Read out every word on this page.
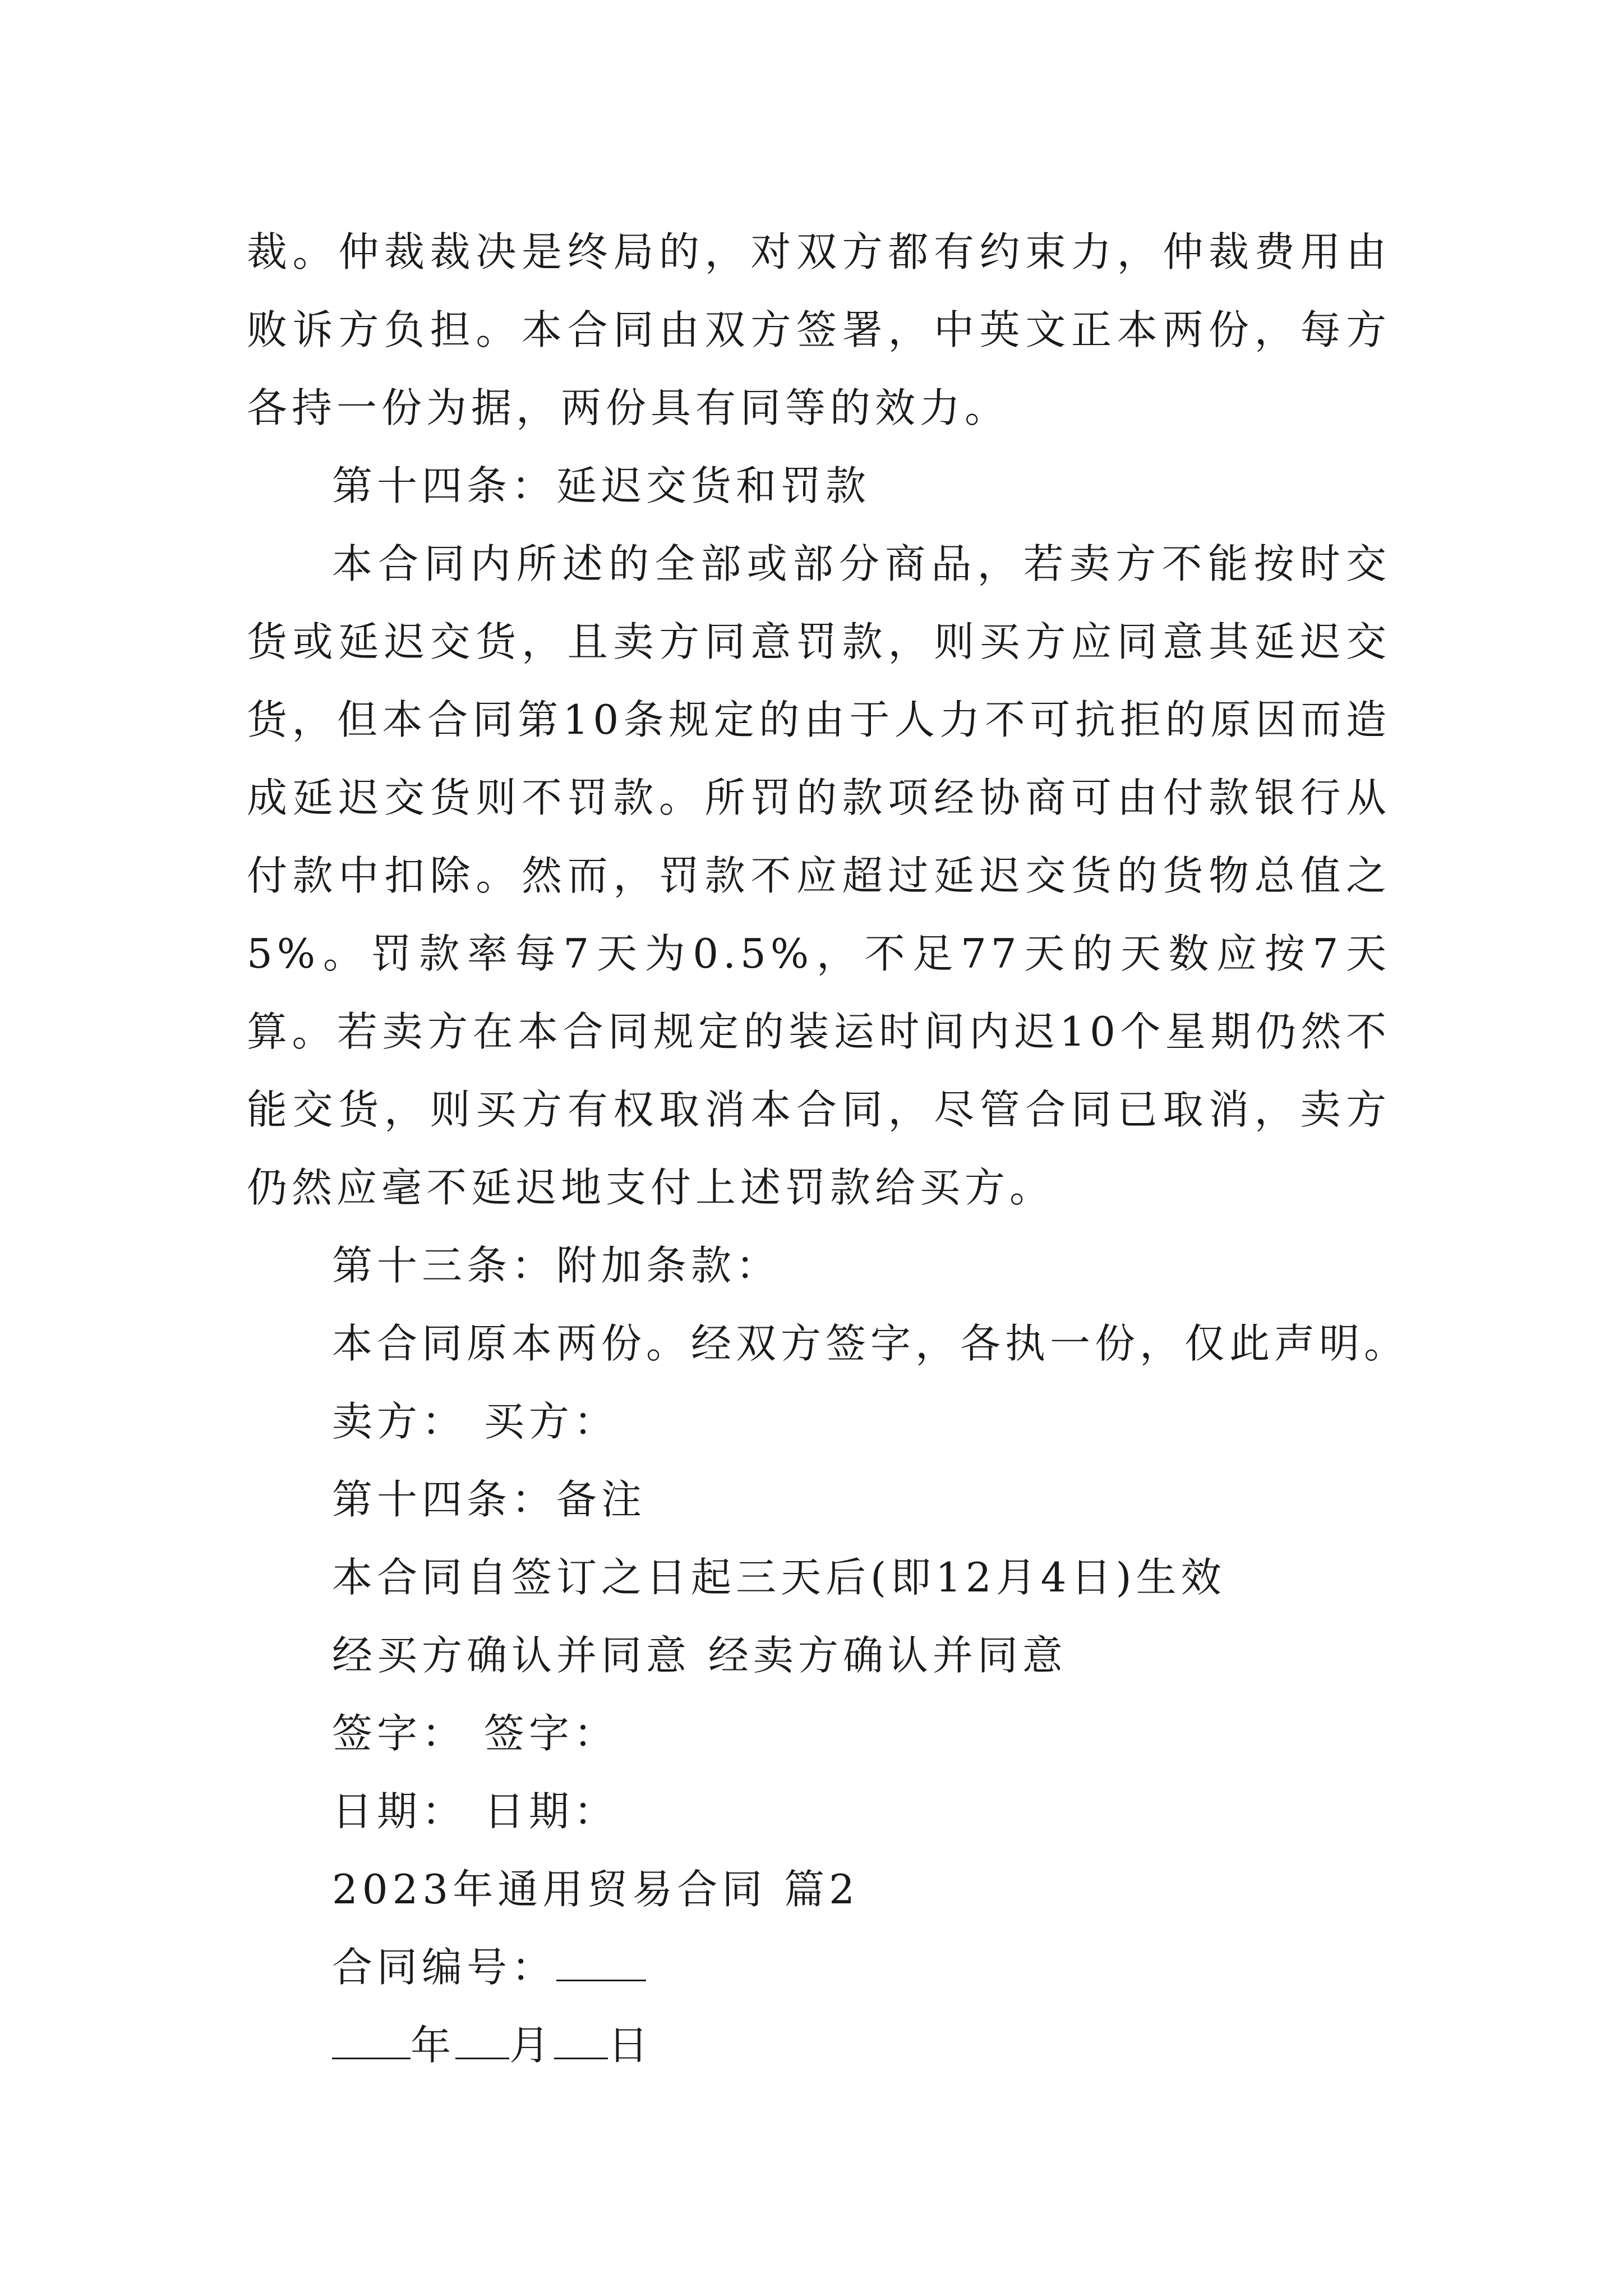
裁。仲裁裁决是终局的，对双方都有约束力，仲裁费用由败诉方负担。本合同由双方签署，中英文正本两份，每方各持一份为据，两份具有同等的效力。

第十四条：延迟交货和罚款

本合同内所述的全部或部分商品，若卖方不能按时交货或延迟交货，且卖方同意罚款，则买方应同意其延迟交货，但本合同第10条规定的由于人力不可抗拒的原因而造成延迟交货则不罚款。所罚的款项经协商可由付款银行从付款中扣除。然而，罚款不应超过延迟交货的货物总值之5%。罚款率每7天为0.5%，不足77天的天数应按7天算。若卖方在本合同规定的装运时间内迟10个星期仍然不能交货，则买方有权取消本合同，尽管合同已取消，卖方仍然应毫不延迟地支付上述罚款给买方。

第十三条：附加条款：

本合同原本两份。经双方签字，各执一份，仅此声明。

卖方： 买方：

第十四条：备注

本合同自签订之日起三天后(即12月4日)生效

经买方确认并同意 经卖方确认并同意

签字： 签字：

日期： 日期：

2023年通用贸易合同 篇2

合同编号：

年 月 日
